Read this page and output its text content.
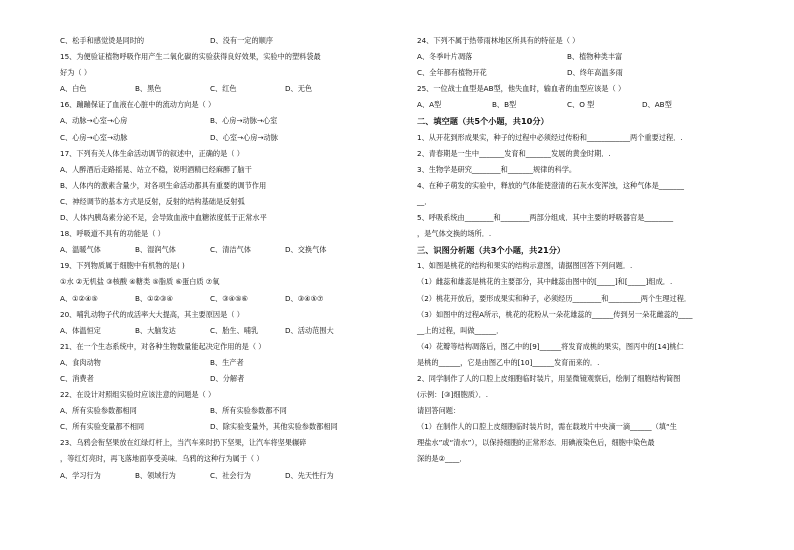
C、松手和感觉烫是同时的	D、没有一定的顺序
15、为便验证植物呼吸作用产生二氧化碳的实验获得良好效果，实验中的塑料袋最
好为（ ）
A、白色	B、黑色	C、红色	D、无色
16、蹦蹦保证了血液在心脏中的流动方向是（ ）
A、动脉→心室→心房	B、心房→动脉→心室
C、心房→心室→动脉	D、心室→心房→动脉
17、下列有关人体生命活动调节的叙述中，正确的是（ ）
A、人醉酒后走路摇晃、站立不稳，说明酒精已经麻醉了脑干
B、人体内的激素含量少，对各项生命活动都具有重要的调节作用
C、神经调节的基本方式是反射，反射的结构基础是反射弧
D、人体内胰岛素分泌不足，会导致血液中血糖浓度低于正常水平
18、呼吸道不具有的功能是（ ）
A、温暖气体	B、湿润气体	C、清洁气体	D、交换气体
19、下列物质属于细胞中有机物的是( )
①水 ②无机盐 ③核酸 ④糖类 ⑤脂质 ⑥蛋白质 ⑦氧
A、①②④⑤	B、①②③④	C、③④⑤⑥	D、③④⑤⑦
20、哺乳动物子代的成活率大大提高，其主要原因是（ ）
A、体温恒定	B、大脑发达	C、胎生、哺乳	D、活动范围大
21、在一个生态系统中，对各种生物数量能起决定作用的是（ ）
A、食肉动物	B、生产者
C、消费者	D、分解者
22、在设计对照组实验时应该注意的问题是（ ）
A、所有实验参数都相同	B、所有实验参数都不同
C、所有实验变量都不相同	D、除实验变量外，其他实验参数都相同
23、乌鸦会衔坚果放在红绿灯杆上，当汽车来时扔下坚果，让汽车将坚果辗碎
，等红灯亮时，再飞落地面享受美味．乌鸦的这种行为属于（ ）
A、学习行为	B、领域行为	C、社会行为	D、先天性行为
24、下列不属于热带雨林地区所具有的特征是（ ）
A、冬季叶片凋落	B、植物种类丰富
C、全年都有植物开花	D、终年高温多雨
25、一位战士血型是AB型，他失血时，输血者的血型应该是（ ）
A、A型	B、B型	C、O 型	D、AB型
二、填空题（共5个小题，共10分）
1、从开花到形成果实，种子的过程中必须经过传粉和____________两个重要过程．.
2、青春期是一生中_______发育和_______发展的黄金时期．.
3、生物学是研究________和_______规律的科学。
4、在种子萌发的实验中，释放的气体能使澄清的石灰水变浑浊，这种气体是_______
__．
5、呼吸系统由________和________两部分组成．其中主要的呼吸器官是________
，是气体交换的场所．.
三、识图分析题（共3个小题，共21分）
1、如图是桃花的结构和果实的结构示意图，请据图回答下列问题．.
（1）雌蕊和雄蕊是桃花的主要部分，其中雌蕊由图中的[_____]和[_____]组成．.
（2）桃花开放后，要形成果实和种子，必须经历________和_________两个生理过程．
（3）如图中的过程A所示，桃花的花粉从一朵花雄蕊的______传到另一朵花雌蕊的____
__上的过程，叫做______．
（4）花瓣等结构凋落后，图乙中的[9]______将发育成桃的果实，图丙中的[14]桃仁
是桃的______，它是由图乙中的[10]______发育而来的．.
2、同学制作了人的口腔上皮细胞临时装片，用显微镜观察后，绘制了细胞结构简图
(示例：[③]细胞质）．.
请回答问题：
（1）在制作人的口腔上皮细胞临时装片时，需在载玻片中央滴一滴______（填“生
理盐水”或“清水”），以保持细胞的正常形态．用碘液染色后，细胞中染色最
深的是②____．
